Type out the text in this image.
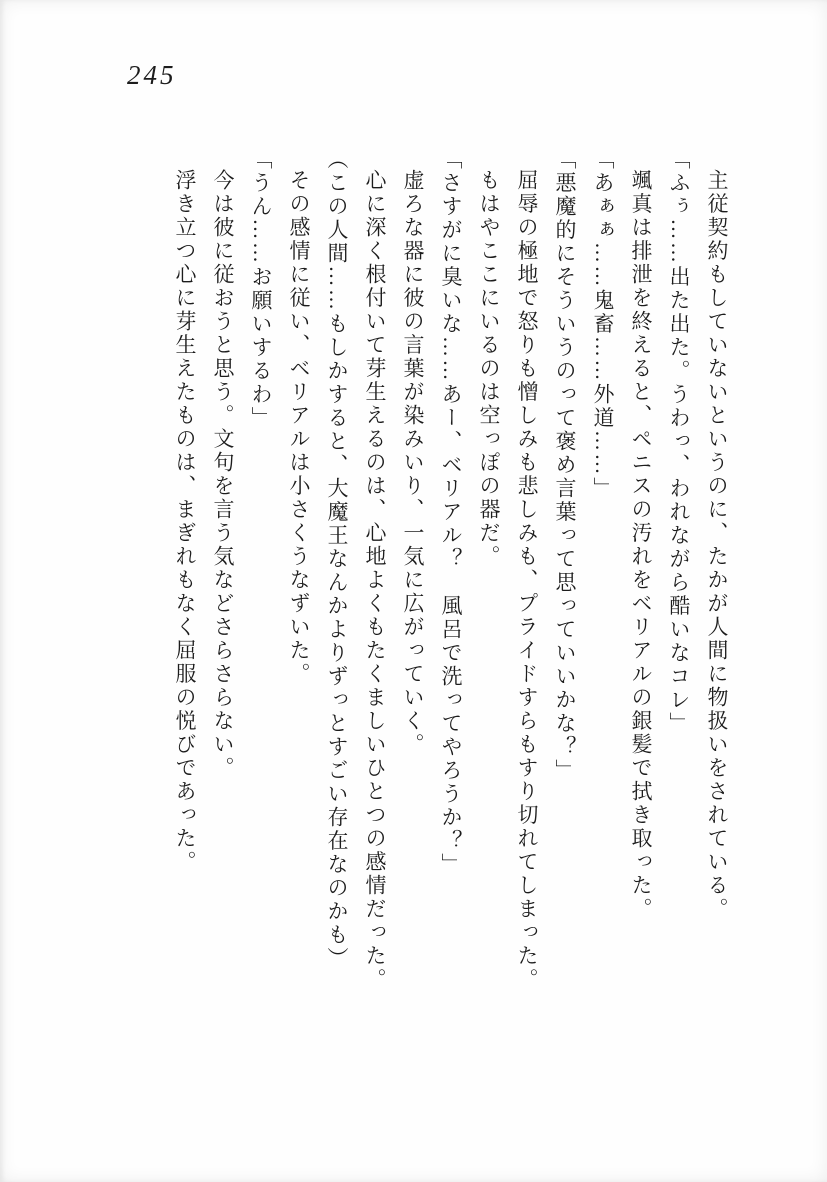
245

主従契約もしていないというのに、たかが人間に物扱いをされている。

「ふぅ……出た出た。うわっ、われながら酷いなコレ」

颯真は排泄を終えると、ペニスの汚れをベリアルの銀髪で拭き取った。

「あぁぁ……鬼畜……外道……」

「悪魔的にそういうのって褒め言葉って思っていいかな？」

屈辱の極地で怒りも憎しみも悲しみも、プライドすらもすり切れてしまった。

もはやここにいるのは空っぽの器だ。

「さすがに臭いな……あー、ベリアル？　風呂で洗ってやろうか？」

虚ろな器に彼の言葉が染みいり、一気に広がっていく。

心に深く根付いて芽生えるのは、心地よくもたくましいひとつの感情だった。

（この人間……もしかすると、大魔王なんかよりずっとすごい存在なのかも）

その感情に従い、ベリアルは小さくうなずいた。

「うん……お願いするわ」

今は彼に従おうと思う。文句を言う気などさらさらない。

浮き立つ心に芽生えたものは、まぎれもなく屈服の悦びであった。
